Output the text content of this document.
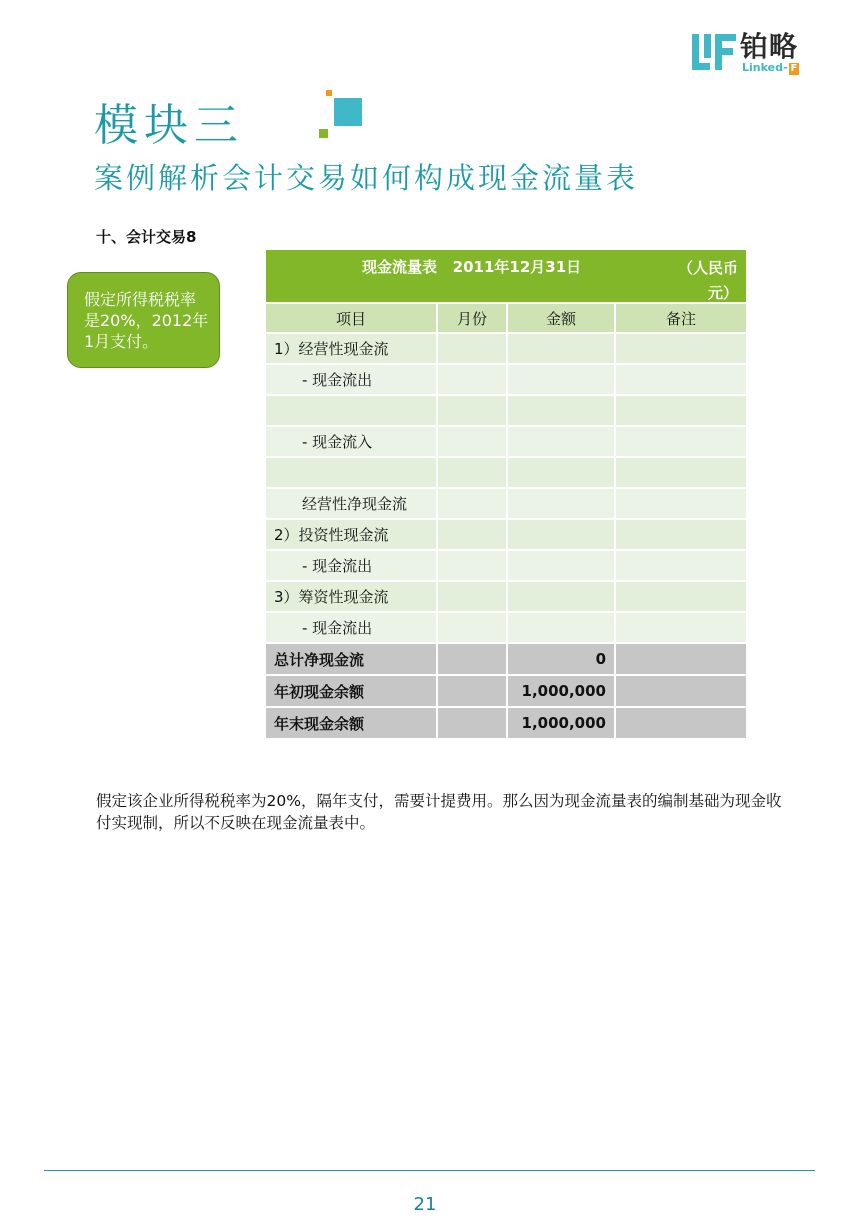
铂略
Linked- F
模块三
案例解析会计交易如何构成现金流量表
十、会计交易8
假定所得税税率是20%，2012年1月支付。
现金流量表   2011年12月31日 （人民币元）			

项目	月份	金额	备注
1）经营性现金流			
- 现金流出			

- 现金流入			

经营性净现金流			
2）投资性现金流			
- 现金流出			
3）筹资性现金流			
- 现金流出			
总计净现金流		0	
年初现金余额		1,000,000	
年末现金余额		1,000,000	
假定该企业所得税税率为20%，隔年支付，需要计提费用。那么因为现金流量表的编制基础为现金收付实现制，所以不反映在现金流量表中。
21
